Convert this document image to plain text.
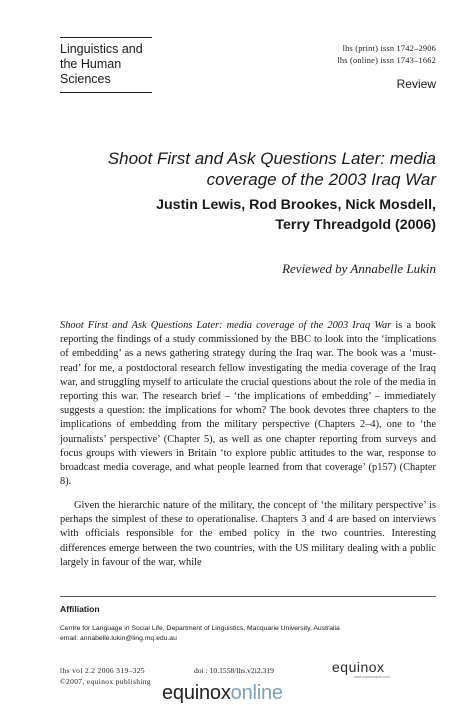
Linguistics and
the Human
Sciences
lhs (print) issn 1742–2906
lhs (online) issn 1743–1662
Review
Shoot First and Ask Questions Later: media
coverage of the 2003 Iraq War
Justin Lewis, Rod Brookes, Nick Mosdell,
Terry Threadgold (2006)
Reviewed by Annabelle Lukin
Shoot First and Ask Questions Later: media coverage of the 2003 Iraq War is a book reporting the findings of a study commissioned by the BBC to look into the ‘implications of embedding’ as a news gathering strategy during the Iraq war. The book was a ‘must-read’ for me, a postdoctoral research fellow investigating the media coverage of the Iraq war, and struggling myself to articulate the crucial questions about the role of the media in reporting this war. The research brief – ‘the implications of embedding’ – immediately suggests a question: the implications for whom? The book devotes three chapters to the implications of embedding from the military perspective (Chapters 2–4), one to ‘the journalists’ perspective’ (Chapter 5), as well as one chapter reporting from surveys and focus groups with viewers in Britain ‘to explore public attitudes to the war, response to broadcast media coverage, and what people learned from that coverage’ (p157) (Chapter 8).
Given the hierarchic nature of the military, the concept of ‘the military perspective’ is perhaps the simplest of these to operationalise. Chapters 3 and 4 are based on interviews with officials responsible for the embed policy in the two countries. Interesting differences emerge between the two countries, with the US military dealing with a public largely in favour of the war, while
Affiliation
Centre for Language in Social Life, Department of Linguistics, Macquarie University, Australia
email: annabelle.lukin@ling.mq.edu.au
lhs vol 2.2 2006 319–325
©2007, equinox publishing
doi : 10.1558/lhs.v2i2.319	equinox
www.equinoxpub.com
equinoxonline
